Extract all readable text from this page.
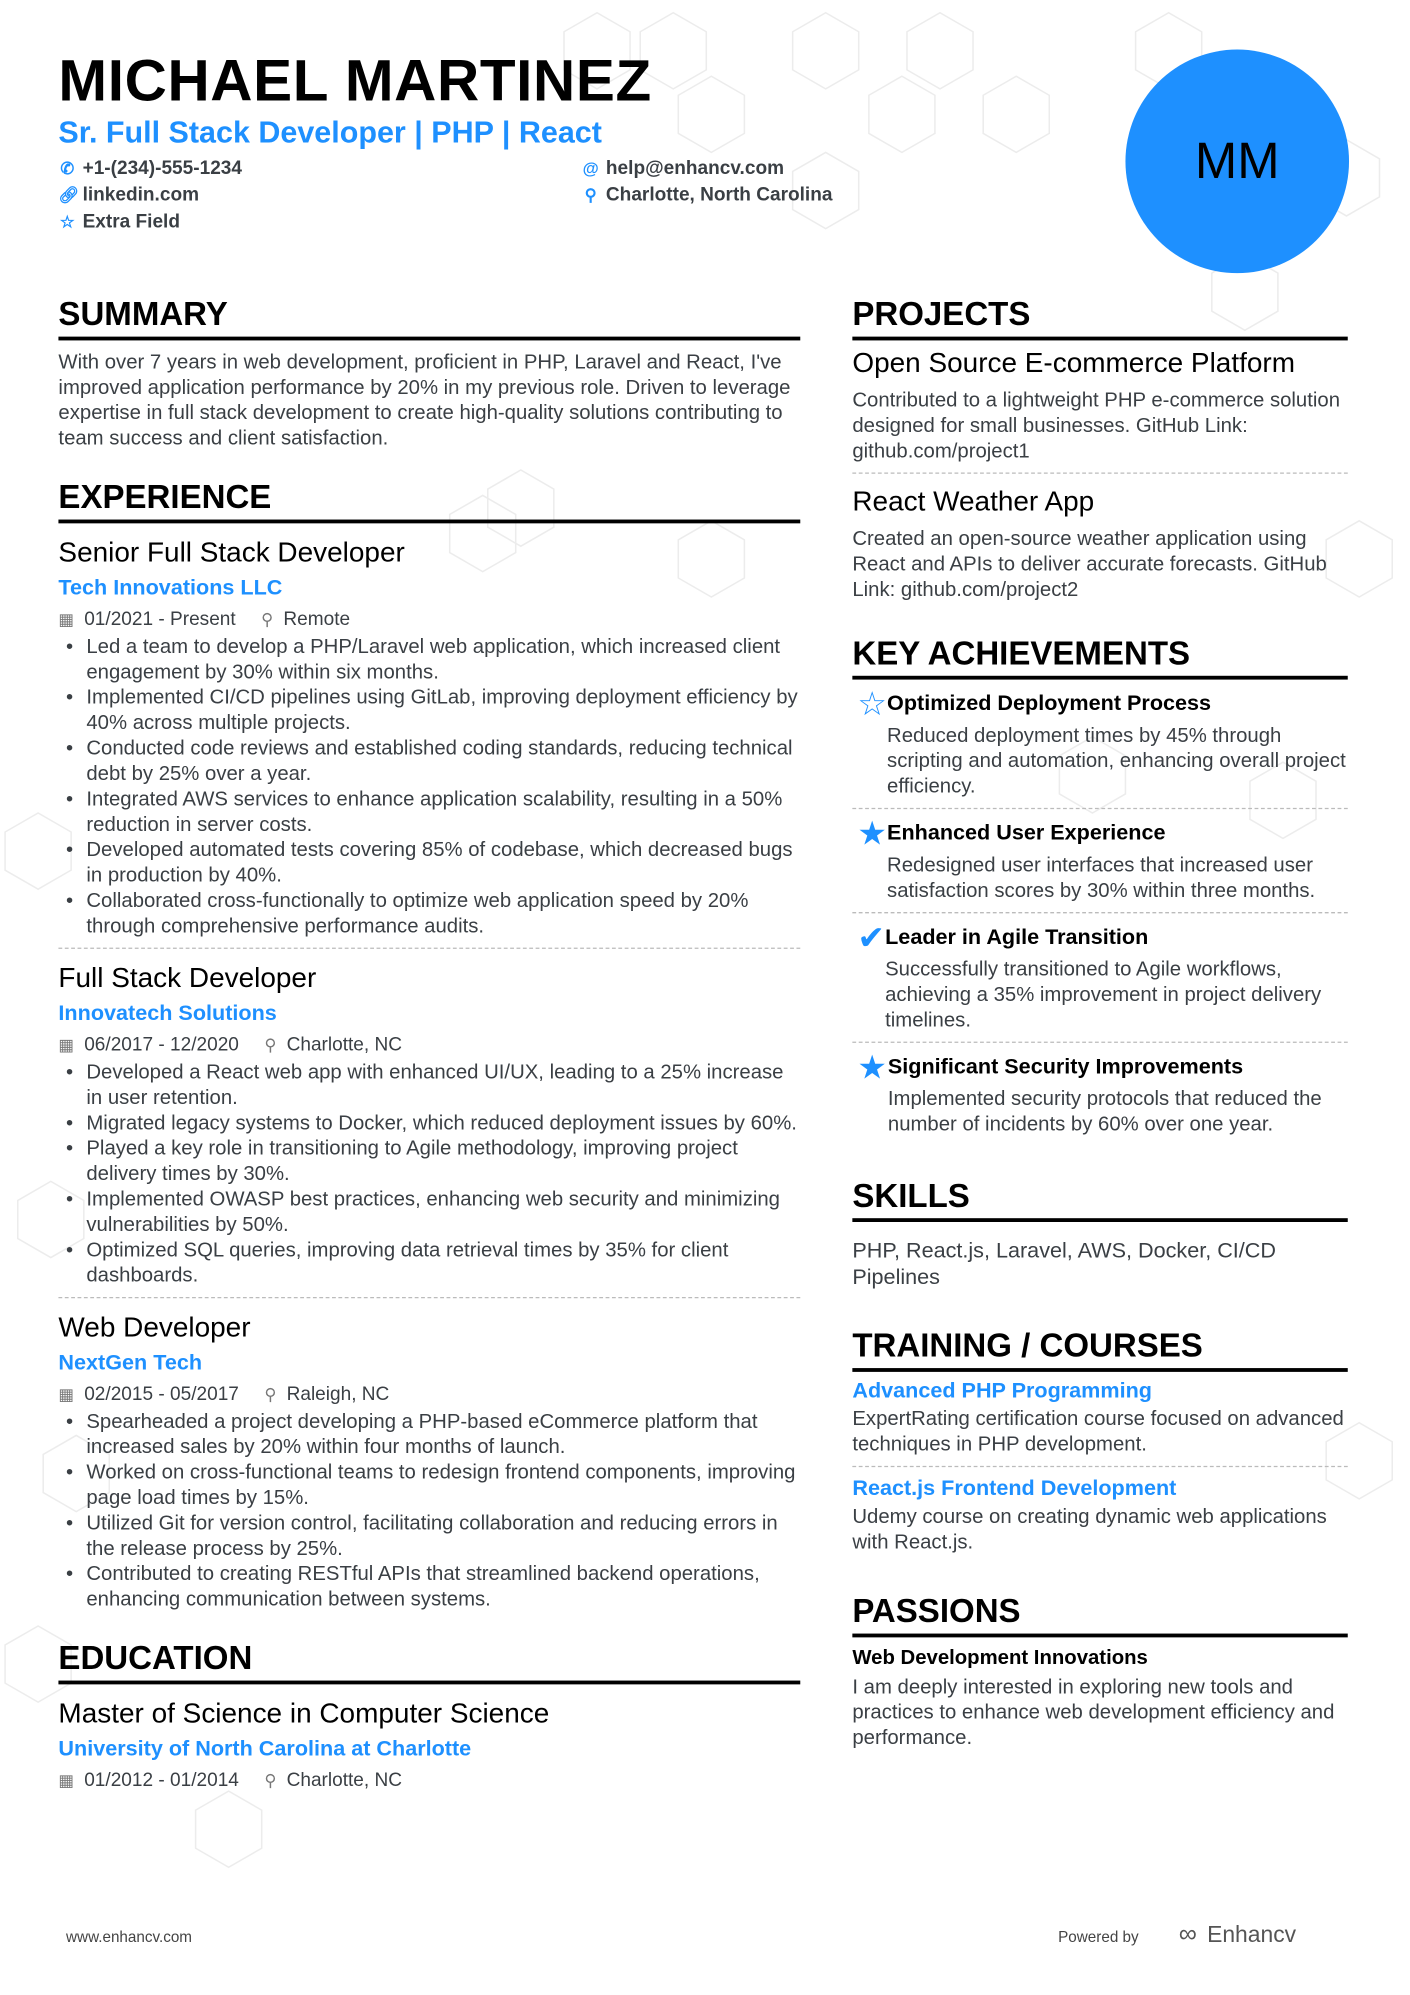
MICHAEL MARTINEZ
Sr. Full Stack Developer | PHP | React
✆ +1-(234)-555-1234
🔗︎ linkedin.com
☆ Extra Field
@ help@enhancv.com
⚲ Charlotte, North Carolina
MM
SUMMARY
With over 7 years in web development, proficient in PHP, Laravel and React, I've improved application performance by 20% in my previous role. Driven to leverage expertise in full stack development to create high-quality solutions contributing to team success and client satisfaction.
EXPERIENCE
Senior Full Stack Developer
Tech Innovations LLC
▦ 01/2021 - Present ⚲ Remote
• Led a team to develop a PHP/Laravel web application, which increased client engagement by 30% within six months.
• Implemented CI/CD pipelines using GitLab, improving deployment efficiency by 40% across multiple projects.
• Conducted code reviews and established coding standards, reducing technical debt by 25% over a year.
• Integrated AWS services to enhance application scalability, resulting in a 50% reduction in server costs.
• Developed automated tests covering 85% of codebase, which decreased bugs in production by 40%.
• Collaborated cross-functionally to optimize web application speed by 20% through comprehensive performance audits.
Full Stack Developer
Innovatech Solutions
▦ 06/2017 - 12/2020 ⚲ Charlotte, NC
• Developed a React web app with enhanced UI/UX, leading to a 25% increase in user retention.
• Migrated legacy systems to Docker, which reduced deployment issues by 60%.
• Played a key role in transitioning to Agile methodology, improving project delivery times by 30%.
• Implemented OWASP best practices, enhancing web security and minimizing vulnerabilities by 50%.
• Optimized SQL queries, improving data retrieval times by 35% for client dashboards.
Web Developer
NextGen Tech
▦ 02/2015 - 05/2017 ⚲ Raleigh, NC
• Spearheaded a project developing a PHP-based eCommerce platform that increased sales by 20% within four months of launch.
• Worked on cross-functional teams to redesign frontend components, improving page load times by 15%.
• Utilized Git for version control, facilitating collaboration and reducing errors in the release process by 25%.
• Contributed to creating RESTful APIs that streamlined backend operations, enhancing communication between systems.
EDUCATION
Master of Science in Computer Science
University of North Carolina at Charlotte
▦ 01/2012 - 01/2014 ⚲ Charlotte, NC
PROJECTS
Open Source E-commerce Platform
Contributed to a lightweight PHP e-commerce solution designed for small businesses. GitHub Link: github.com/project1
React Weather App
Created an open-source weather application using React and APIs to deliver accurate forecasts. GitHub Link: github.com/project2
KEY ACHIEVEMENTS
☆ Optimized Deployment Process
Reduced deployment times by 45% through scripting and automation, enhancing overall project efficiency.
★ Enhanced User Experience
Redesigned user interfaces that increased user satisfaction scores by 30% within three months.
✔ Leader in Agile Transition
Successfully transitioned to Agile workflows, achieving a 35% improvement in project delivery timelines.
★ Significant Security Improvements
Implemented security protocols that reduced the number of incidents by 60% over one year.
SKILLS
PHP, React.js, Laravel, AWS, Docker, CI/CD Pipelines
TRAINING / COURSES
Advanced PHP Programming
ExpertRating certification course focused on advanced techniques in PHP development.
React.js Frontend Development
Udemy course on creating dynamic web applications with React.js.
PASSIONS
Web Development Innovations
I am deeply interested in exploring new tools and practices to enhance web development efficiency and performance.
www.enhancv.com	Powered by ∞ Enhancv
